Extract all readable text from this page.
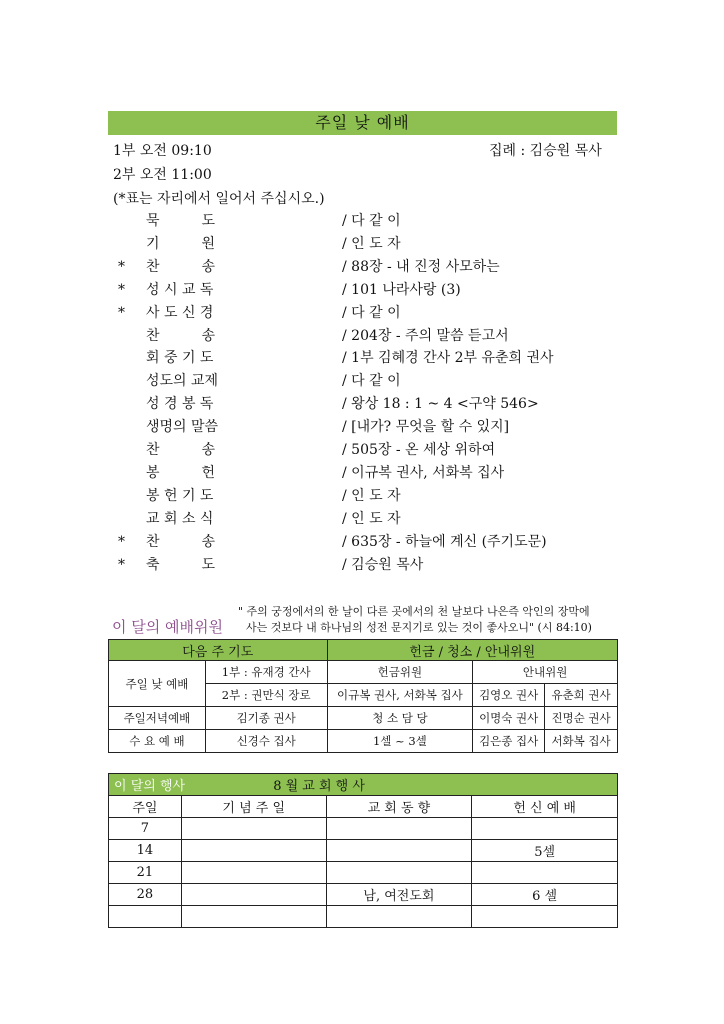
주일 낮 예배
1부 오전 09:10	집례 : 김승원 목사
2부 오전 11:00
(*표는 자리에서 일어서 주십시오.)
묵　　　도	/ 다 같 이
기　　　원	/ 인 도 자
* 찬　　　송	/ 88장 - 내 진정 사모하는
* 성 시 교 독	/ 101 나라사랑 (3)
* 사 도 신 경	/ 다 같 이
찬　　　송	/ 204장 - 주의 말씀 듣고서
회 중 기 도	/ 1부 김혜경 간사 2부 유춘희 권사
성도의 교제	/ 다 같 이
성 경 봉 독	/ 왕상 18 : 1 ~ 4 <구약 546>
생명의 말씀	/ [내가? 무엇을 할 수 있지]
찬　　　송	/ 505장 - 온 세상 위하여
봉　　　헌	/ 이규복 권사, 서화복 집사
봉 헌 기 도	/ 인 도 자
교 회 소 식	/ 인 도 자
* 찬　　　송	/ 635장 - 하늘에 계신 (주기도문)
* 축　　　도	/ 김승원 목사
이 달의 예배위원
" 주의 궁정에서의 한 날이 다른 곳에서의 천 날보다 나은즉 악인의 장막에
사는 것보다 내 하나님의 성전 문지기로 있는 것이 좋사오니" (시 84:10)
다음 주 기도		헌금 / 청소 / 안내위원		
주일 낮 예배	1부 : 유재경 간사	헌금위원	안내위원	
	2부 : 권만식 장로	이규복 권사, 서화복 집사	김영오 권사	유춘희 권사
주일저녁예배	김기종 권사	청 소 담 당	이명숙 권사	진명순 권사
수 요 예 배	신경수 집사	1셀 ~ 3셀	김은종 집사	서화복 집사
이 달의 행사 8 월 교 회 행 사			
주일	기 념 주 일	교 회 동 향	헌 신 예 배
7			
14			5셀
21			
28		남, 여전도회	6 셀
